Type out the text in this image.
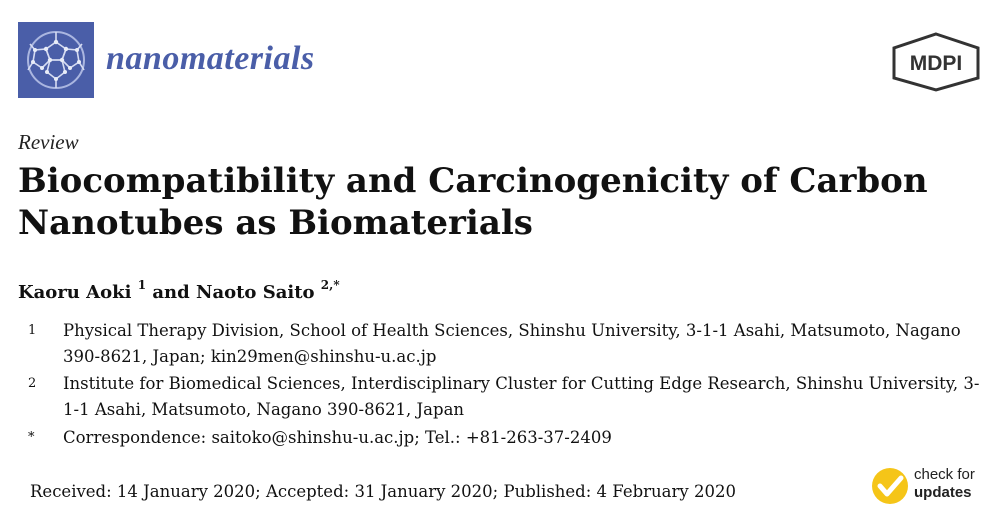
nanomaterials	MDPI
Review
Biocompatibility and Carcinogenicity of Carbon
Nanotubes as Biomaterials
Kaoru Aoki $^1$ and Naoto Saito $^{2,*}$
1 Physical Therapy Division, School of Health Sciences, Shinshu University, 3-1-1 Asahi, Matsumoto, Nagano 390-8621, Japan; kin29men@shinshu-u.ac.jp
2 Institute for Biomedical Sciences, Interdisciplinary Cluster for Cutting Edge Research, Shinshu University, 3-1-1 Asahi, Matsumoto, Nagano 390-8621, Japan
* Correspondence: saitoko@shinshu-u.ac.jp; Tel.: +81-263-37-2409
Received: 14 January 2020; Accepted: 31 January 2020; Published: 4 February 2020
check for
updates
